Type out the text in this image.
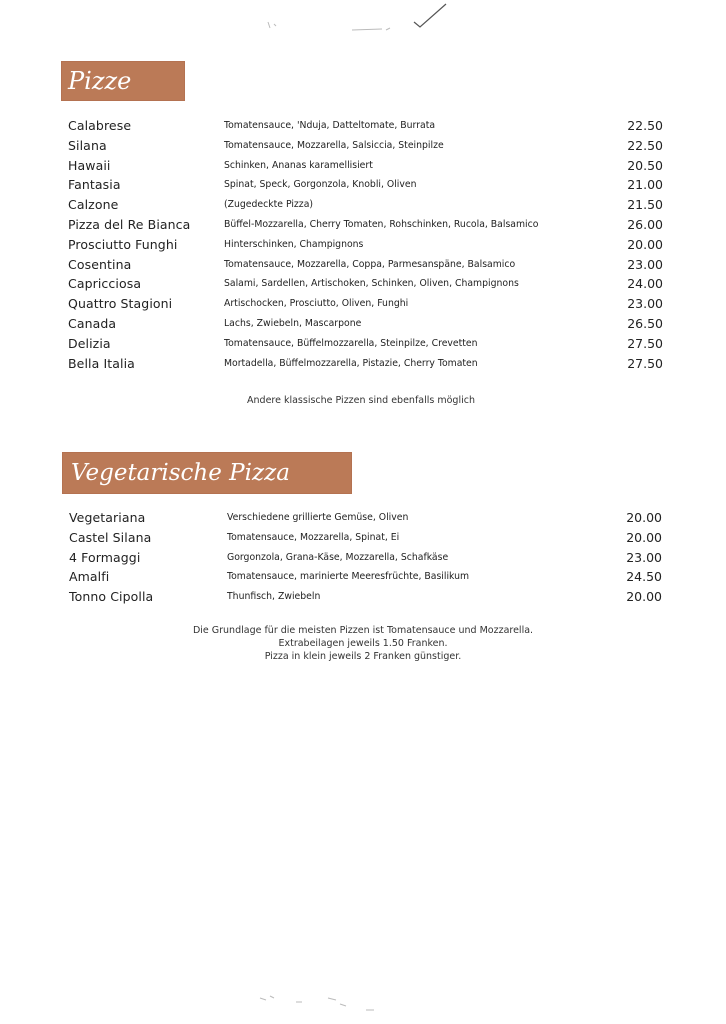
Pizze
Calabrese	Tomatensauce, 'Nduja, Datteltomate, Burrata	22.50
Silana	Tomatensauce, Mozzarella, Salsiccia, Steinpilze	22.50
Hawaii	Schinken, Ananas karamellisiert	20.50
Fantasia	Spinat, Speck, Gorgonzola, Knobli, Oliven	21.00
Calzone	(Zugedeckte Pizza)	21.50
Pizza del Re Bianca	Büffel-Mozzarella, Cherry Tomaten, Rohschinken, Rucola, Balsamico	26.00
Prosciutto Funghi	Hinterschinken, Champignons	20.00
Cosentina	Tomatensauce, Mozzarella, Coppa, Parmesanspäne, Balsamico	23.00
Capricciosa	Salami, Sardellen, Artischoken, Schinken, Oliven, Champignons	24.00
Quattro Stagioni	Artischocken, Prosciutto, Oliven, Funghi	23.00
Canada	Lachs, Zwiebeln, Mascarpone	26.50
Delizia	Tomatensauce, Büffelmozzarella, Steinpilze, Crevetten	27.50
Bella Italia	Mortadella, Büffelmozzarella, Pistazie, Cherry Tomaten	27.50
Andere klassische Pizzen sind ebenfalls möglich
Vegetarische Pizza
Vegetariana	Verschiedene grillierte Gemüse, Oliven	20.00
Castel Silana	Tomatensauce, Mozzarella, Spinat, Ei	20.00
4 Formaggi	Gorgonzola, Grana-Käse, Mozzarella, Schafkäse	23.00
Amalfi	Tomatensauce, marinierte Meeresfrüchte, Basilikum	24.50
Tonno Cipolla	Thunfisch, Zwiebeln	20.00
Die Grundlage für die meisten Pizzen ist Tomatensauce und Mozzarella.
Extrabeilagen jeweils 1.50 Franken.
Pizza in klein jeweils 2 Franken günstiger.
